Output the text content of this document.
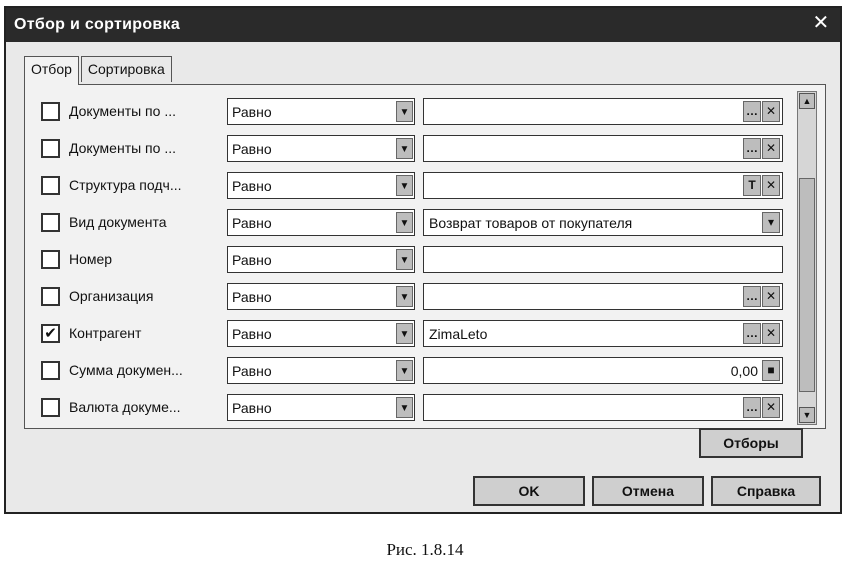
Отбор и сортировка	✕
Отбор	Сортировка
Документы по ...	Равно	▼	… ✕
Документы по ...	Равно	▼	… ✕
Структура подч...	Равно	▼	T ✕
Вид документа	Равно	▼ Возврат товаров от покупателя	▾
Номер	Равно	▼
Организация	Равно	▼	… ✕
✔ Контрагент	Равно	▼ ZimaLeto	… ✕
Сумма докумен...	Равно	▼	0,00 ■
Валюта докуме...	Равно	▼	… ✕
▲
▼
Отборы
OK	Отмена	Справка
Рис. 1.8.14
